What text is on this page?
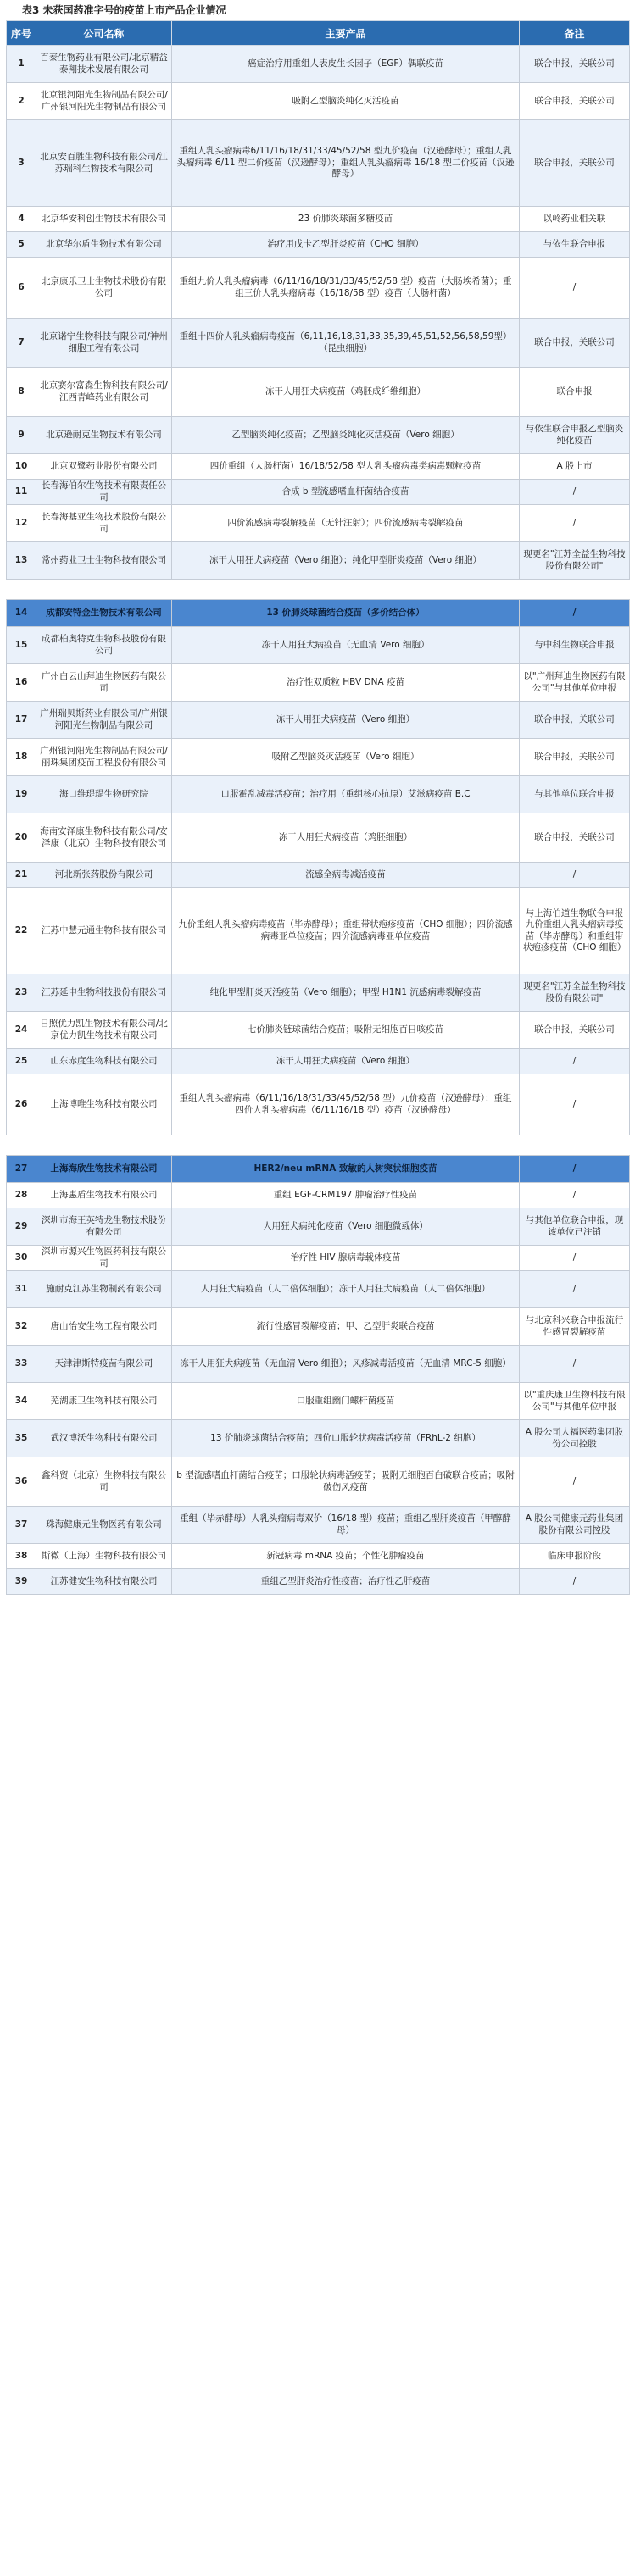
表3 未获国药准字号的疫苗上市产品企业情况
序号	公司名称	主要产品	备注
1	百泰生物药业有限公司/北京精益泰翔技术发展有限公司	癌症治疗用重组人表皮生长因子（EGF）偶联疫苗	联合申报，关联公司
2	北京银河阳光生物制品有限公司/广州银河阳光生物制品有限公司	吸附乙型脑炎纯化灭活疫苗	联合申报，关联公司
3	北京安百胜生物科技有限公司/江苏瑞科生物技术有限公司	重组人乳头瘤病毒6/11/16/18/31/33/45/52/58 型九价疫苗（汉逊酵母）；重组人乳头瘤病毒 6/11 型二价疫苗（汉逊酵母）；重组人乳头瘤病毒 16/18 型二价疫苗（汉逊酵母）	联合申报，关联公司
4	北京华安科创生物技术有限公司	23 价肺炎球菌多糖疫苗	以岭药业相关联
5	北京华尔盾生物技术有限公司	治疗用戊卡乙型肝炎疫苗（CHO 细胞）	与依生联合申报
6	北京康乐卫士生物技术股份有限公司	重组九价人乳头瘤病毒（6/11/16/18/31/33/45/52/58 型）疫苗（大肠埃希菌）；重组三价人乳头瘤病毒（16/18/58 型）疫苗（大肠杆菌）	/
7	北京诺宁生物科技有限公司/神州细胞工程有限公司	重组十四价人乳头瘤病毒疫苗（6,11,16,18,31,33,35,39,45,51,52,56,58,59型）（昆虫细胞）	联合申报，关联公司
8	北京赛尔富森生物科技有限公司/江西青峰药业有限公司	冻干人用狂犬病疫苗（鸡胚成纤维细胞）	联合申报
9	北京逊耐克生物技术有限公司	乙型脑炎纯化疫苗；乙型脑炎纯化灭活疫苗（Vero 细胞）	与依生联合申报乙型脑炎纯化疫苗
10	北京双鹭药业股份有限公司	四价重组（大肠杆菌）16/18/52/58 型人乳头瘤病毒类病毒颗粒疫苗	A 股上市
11	长春海伯尔生物技术有限责任公司	合成 b 型流感嗜血杆菌结合疫苗	/
12	长春海基亚生物技术股份有限公司	四价流感病毒裂解疫苗（无针注射）；四价流感病毒裂解疫苗	/
13	常州药业卫士生物科技有限公司	冻干人用狂犬病疫苗（Vero 细胞）；纯化甲型肝炎疫苗（Vero 细胞）	现更名"江苏全益生物科技股份有限公司"

14	成都安特金生物技术有限公司	13 价肺炎球菌结合疫苗（多价结合体）	/
15	成都柏奥特克生物科技股份有限公司	冻干人用狂犬病疫苗（无血清 Vero 细胞）	与中科生物联合申报
16	广州白云山拜迪生物医药有限公司	治疗性双质粒 HBV DNA 疫苗	以"广州拜迪生物医药有限公司"与其他单位申报
17	广州瑞贝斯药业有限公司/广州银河阳光生物制品有限公司	冻干人用狂犬病疫苗（Vero 细胞）	联合申报，关联公司
18	广州银河阳光生物制品有限公司/丽珠集团疫苗工程股份有限公司	吸附乙型脑炎灭活疫苗（Vero 细胞）	联合申报，关联公司
19	海口维瑅瑅生物研究院	口服霍乱减毒活疫苗；治疗用（重组核心抗原）艾滋病疫苗 B.C	与其他单位联合申报
20	海南安泽康生物科技有限公司/安泽康（北京）生物科技有限公司	冻干人用狂犬病疫苗（鸡胚细胞）	联合申报，关联公司
21	河北新张药股份有限公司	流感全病毒减活疫苗	/
22	江苏中慧元通生物科技有限公司	九价重组人乳头瘤病毒疫苗（毕赤酵母）；重组带状疱疹疫苗（CHO 细胞）；四价流感病毒亚单位疫苗；四价流感病毒亚单位疫苗	与上海伯道生物联合申报九价重组人乳头瘤病毒疫苗（毕赤酵母）和重组带状疱疹疫苗（CHO 细胞）
23	江苏延申生物科技股份有限公司	纯化甲型肝炎灭活疫苗（Vero 细胞）；甲型 H1N1 流感病毒裂解疫苗	现更名"江苏全益生物科技股份有限公司"
24	日照优力凯生物技术有限公司/北京优力凯生物技术有限公司	七价肺炎链球菌结合疫苗；吸附无细胞百日咳疫苗	联合申报，关联公司
25	山东赤度生物科技有限公司	冻干人用狂犬病疫苗（Vero 细胞）	/
26	上海博唯生物科技有限公司	重组人乳头瘤病毒（6/11/16/18/31/33/45/52/58 型）九价疫苗（汉逊酵母）；重组四价人乳头瘤病毒（6/11/16/18 型）疫苗（汉逊酵母）	/

27	上海海欣生物技术有限公司	HER2/neu mRNA 致敏的人树突状细胞疫苗	/
28	上海惠盾生物技术有限公司	重组 EGF-CRM197 肿瘤治疗性疫苗	/
29	深圳市海王英特龙生物技术股份有限公司	人用狂犬病纯化疫苗（Vero 细胞微载体）	与其他单位联合申报，现该单位已注销
30	深圳市源兴生物医药科技有限公司	治疗性 HIV 腺病毒载体疫苗	/
31	施耐克江苏生物制药有限公司	人用狂犬病疫苗（人二倍体细胞）；冻干人用狂犬病疫苗（人二倍体细胞）	/
32	唐山怡安生物工程有限公司	流行性感冒裂解疫苗；甲、乙型肝炎联合疫苗	与北京科兴联合申报流行性感冒裂解疫苗
33	天津津斯特疫苗有限公司	冻干人用狂犬病疫苗（无血清 Vero 细胞）；风疹减毒活疫苗（无血清 MRC-5 细胞）	/
34	芜湖康卫生物科技有限公司	口服重组幽门螺杆菌疫苗	以"重庆康卫生物科技有限公司"与其他单位申报
35	武汉博沃生物科技有限公司	13 价肺炎球菌结合疫苗；四价口服轮状病毒活疫苗（FRhL-2 细胞）	A 股公司人福医药集团股份公司控股
36	鑫科贸（北京）生物科技有限公司	b 型流感嗜血杆菌结合疫苗；口服轮状病毒活疫苗；吸附无细胞百白破联合疫苗；吸附破伤风疫苗	/
37	珠海健康元生物医药有限公司	重组（毕赤酵母）人乳头瘤病毒双价（16/18 型）疫苗；重组乙型肝炎疫苗（甲醇酵母）	A 股公司健康元药业集团股份有限公司控股
38	斯微（上海）生物科技有限公司	新冠病毒 mRNA 疫苗；个性化肿瘤疫苗	临床申报阶段
39	江苏健安生物科技有限公司	重组乙型肝炎治疗性疫苗；治疗性乙肝疫苗	/
